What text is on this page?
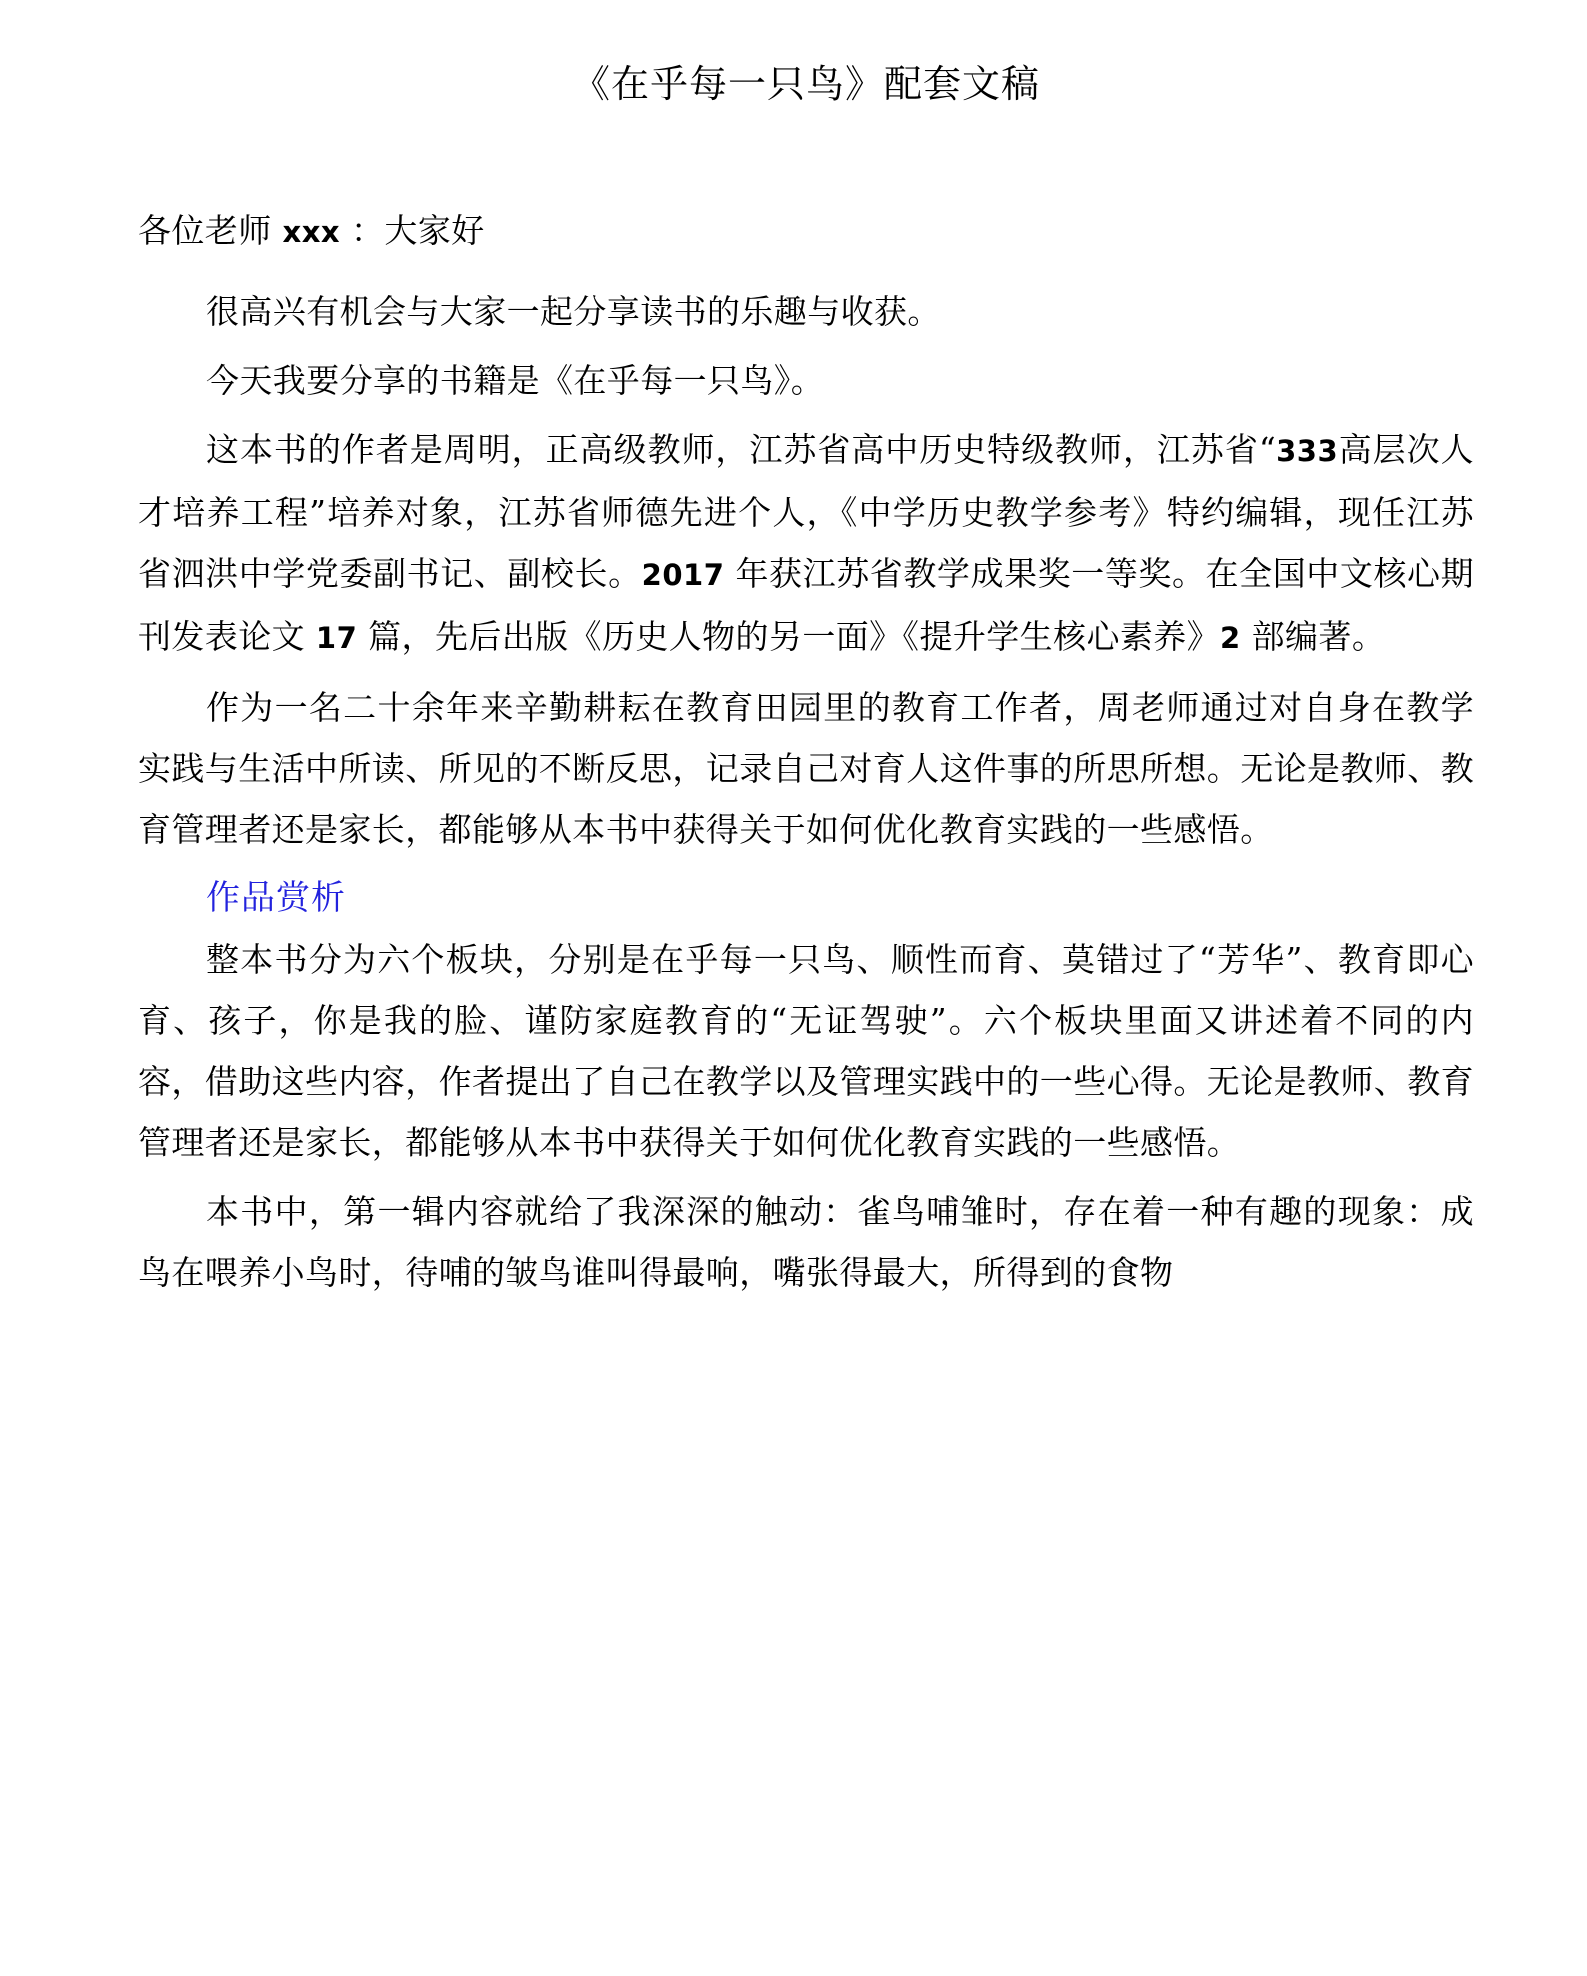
《在乎每一只鸟》配套文稿

各位老师 xxx ：大家好

很高兴有机会与大家一起分享读书的乐趣与收获。

今天我要分享的书籍是《在乎每一只鸟》。

这本书的作者是周明，正高级教师，江苏省高中历史特级教师，江苏省“333高层次人才培养工程”培养对象，江苏省师德先进个人，《中学历史教学参考》特约编辑，现任江苏省泗洪中学党委副书记、副校长。2017 年获江苏省教学成果奖一等奖。在全国中文核心期刊发表论文 17 篇，先后出版《历史人物的另一面》《提升学生核心素养》2 部编著。

作为一名二十余年来辛勤耕耘在教育田园里的教育工作者，周老师通过对自身在教学实践与生活中所读、所见的不断反思，记录自己对育人这件事的所思所想。无论是教师、教育管理者还是家长，都能够从本书中获得关于如何优化教育实践的一些感悟。

作品赏析

整本书分为六个板块，分别是在乎每一只鸟、顺性而育、莫错过了“芳华”、教育即心育、孩子，你是我的脸、谨防家庭教育的“无证驾驶”。六个板块里面又讲述着不同的内容，借助这些内容，作者提出了自己在教学以及管理实践中的一些心得。无论是教师、教育管理者还是家长，都能够从本书中获得关于如何优化教育实践的一些感悟。

本书中，第一辑内容就给了我深深的触动：雀鸟哺雏时，存在着一种有趣的现象：成鸟在喂养小鸟时，待哺的皱鸟谁叫得最响，嘴张得最大，所得到的食物
